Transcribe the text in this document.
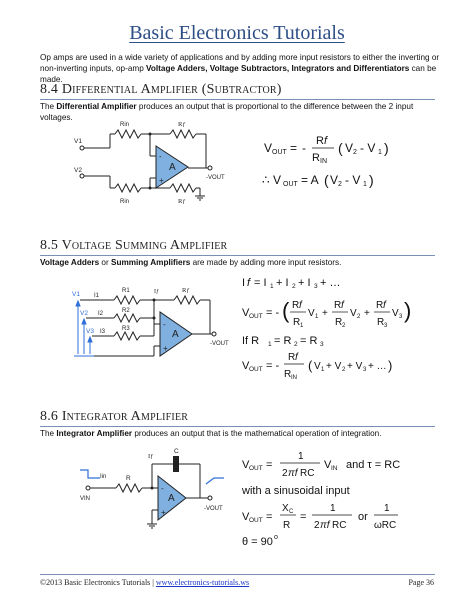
Basic Electronics Tutorials
Op amps are used in a wide variety of applications and by adding more input resistors to either the inverting or non-inverting inputs, op-amp Voltage Adders, Voltage Subtractors, Integrators and Differentiators can be made.
8.4 Differential Amplifier (Subtractor)
The Differential Amplifier produces an output that is proportional to the difference between the 2 input voltages.
-
+
A
Rin	Rƒ
V1
V2
-VOUT
Rin	Rƒ
V OUT = - R f
R IN
( V 2 - V 1 )
∴ V OUT = A ( V 2 - V 1 )
8.5 Voltage Summing Amplifier
Voltage Adders or Summing Amplifiers are made by adding more input resistors.
-
+
A
V1 I1
R1	Iƒ	Rƒ
V2 I2	R2
V3 I3	R3
-VOUT
I f = I 1 + I 2 + I 3 + …
V OUT = - ( R f
R 1
V 1 +
R f
R 2
V 2 +
R f
R 3
V 3 )
If R 1 = R 2 = R 3
V OUT = -
R f
R IN
( V 1 + V 2 + V 3 + … )
8.6 Integrator Amplifier
The Integrator Amplifier produces an output that is the mathematical operation of integration.
-
+
A
Iƒ
C
Iin	R
VIN
-VOUT
V OUT =
1
2 πf RC
V IN and τ = RC
with a sinusoidal input
V OUT =
X C
R
=
1
2 πf RC
or
1
ωRC
θ = 90 o
©2013 Basic Electronics Tutorials | www.electronics-tutorials.ws	Page 36
